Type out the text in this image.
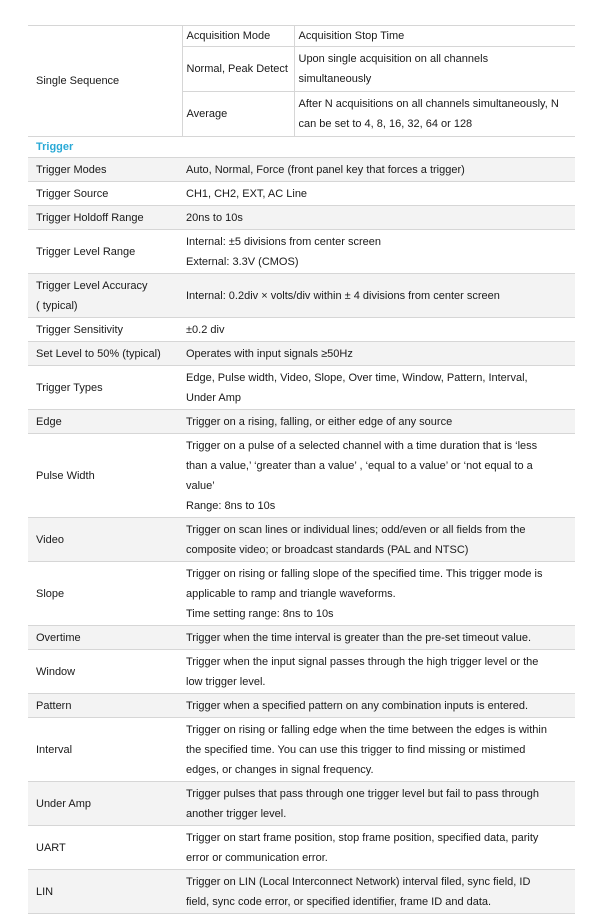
Single Sequence	Acquisition Mode	Acquisition Stop Time
	Normal, Peak Detect	Upon single acquisition on all channels
simultaneously

	Average	After N acquisitions on all channels simultaneously, N
can be set to 4, 8, 16, 32, 64 or 128

Trigger		

Trigger Modes	Auto, Normal, Force (front panel key that forces a trigger)	

Trigger Source	CH1, CH2, EXT, AC Line	

Trigger Holdoff Range	20ns to 10s	

Trigger Level Range	Internal: ±5 divisions from center screen
External: 3.3V (CMOS)	

Trigger Level Accuracy
( typical)	Internal: 0.2div × volts/div within ± 4 divisions from center screen	

Trigger Sensitivity	±0.2 div	

Set Level to 50% (typical)	Operates with input signals ≥50Hz	

Trigger Types	Edge, Pulse width, Video, Slope, Over time, Window, Pattern, Interval,
Under Amp	

Edge	Trigger on a rising, falling, or either edge of any source	

Pulse Width	Trigger on a pulse of a selected channel with a time duration that is ‘less
than a value,’ ‘greater than a value’ , ‘equal to a value’ or ‘not equal to a
value’
Range: 8ns to 10s	

Video	Trigger on scan lines or individual lines; odd/even or all fields from the
composite video; or broadcast standards (PAL and NTSC)	

Slope	Trigger on rising or falling slope of the specified time. This trigger mode is
applicable to ramp and triangle waveforms.
Time setting range: 8ns to 10s	

Overtime	Trigger when the time interval is greater than the pre-set timeout value.	

Window	Trigger when the input signal passes through the high trigger level or the
low trigger level.	

Pattern	Trigger when a specified pattern on any combination inputs is entered.	

Interval	Trigger on rising or falling edge when the time between the edges is within
the specified time. You can use this trigger to find missing or mistimed
edges, or changes in signal frequency.	

Under Amp	Trigger pulses that pass through one trigger level but fail to pass through
another trigger level.	

UART	Trigger on start frame position, stop frame position, specified data, parity
error or communication error.	

LIN	Trigger on LIN (Local Interconnect Network) interval filed, sync field, ID
field, sync code error, or specified identifier, frame ID and data.	
